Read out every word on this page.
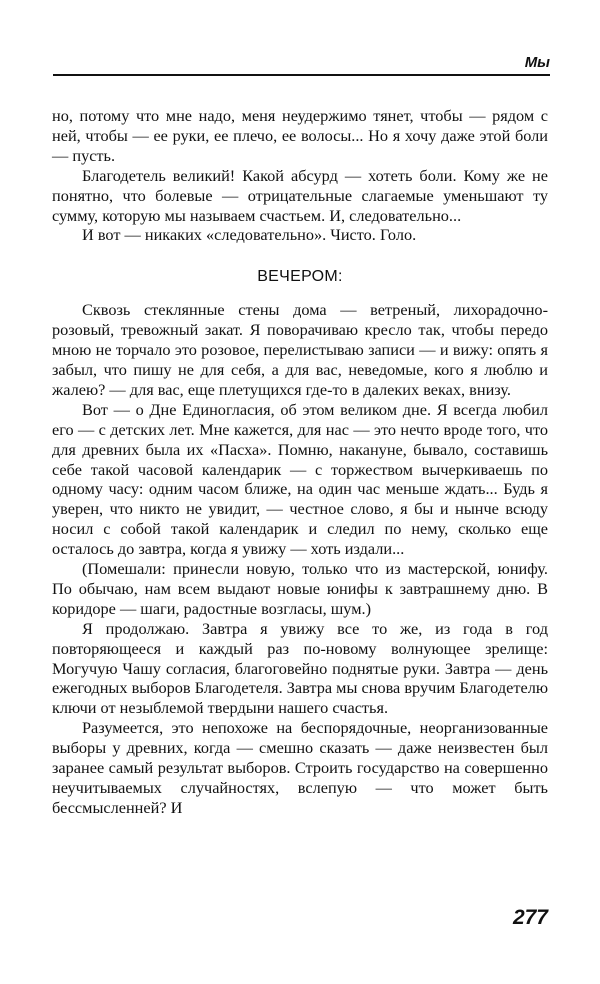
Мы

но, потому что мне надо, меня неудержимо тянет, чтобы — рядом с ней, чтобы — ее руки, ее плечо, ее волосы... Но я хочу даже этой боли — пусть.

Благодетель великий! Какой абсурд — хотеть боли. Кому же не понятно, что болевые — отрицательные слагаемые уменьшают ту сумму, которую мы называем счастьем. И, следовательно...

И вот — никаких «следовательно». Чисто. Голо.

ВЕЧЕРОМ:

Сквозь стеклянные стены дома — ветреный, лихорадочно-розовый, тревожный закат. Я поворачиваю кресло так, чтобы передо мною не торчало это розовое, перелистываю записи — и вижу: опять я забыл, что пишу не для себя, а для вас, неведомые, кого я люблю и жалею? — для вас, еще плетущихся где-то в далеких веках, внизу.

Вот — о Дне Единогласия, об этом великом дне. Я всегда любил его — с детских лет. Мне кажется, для нас — это нечто вроде того, что для древних была их «Пасха». Помню, накануне, бывало, составишь себе такой часовой календарик — с торжеством вычеркиваешь по одному часу: одним часом ближе, на один час меньше ждать... Будь я уверен, что никто не увидит, — честное слово, я бы и нынче всюду носил с собой такой календарик и следил по нему, сколько еще осталось до завтра, когда я увижу — хоть издали...

(Помешали: принесли новую, только что из мастерской, юнифу. По обычаю, нам всем выдают новые юнифы к завтрашнему дню. В коридоре — шаги, радостные возгласы, шум.)

Я продолжаю. Завтра я увижу все то же, из года в год повторяющееся и каждый раз по-новому волнующее зрелище: Могучую Чашу согласия, благоговейно поднятые руки. Завтра — день ежегодных выборов Благодетеля. Завтра мы снова вручим Благодетелю ключи от незыблемой твердыни нашего счастья.

Разумеется, это непохоже на беспорядочные, неорганизованные выборы у древних, когда — смешно сказать — даже неизвестен был заранее самый результат выборов. Строить государство на совершенно неучитываемых случайностях, вслепую — что может быть бессмысленней? И

277
